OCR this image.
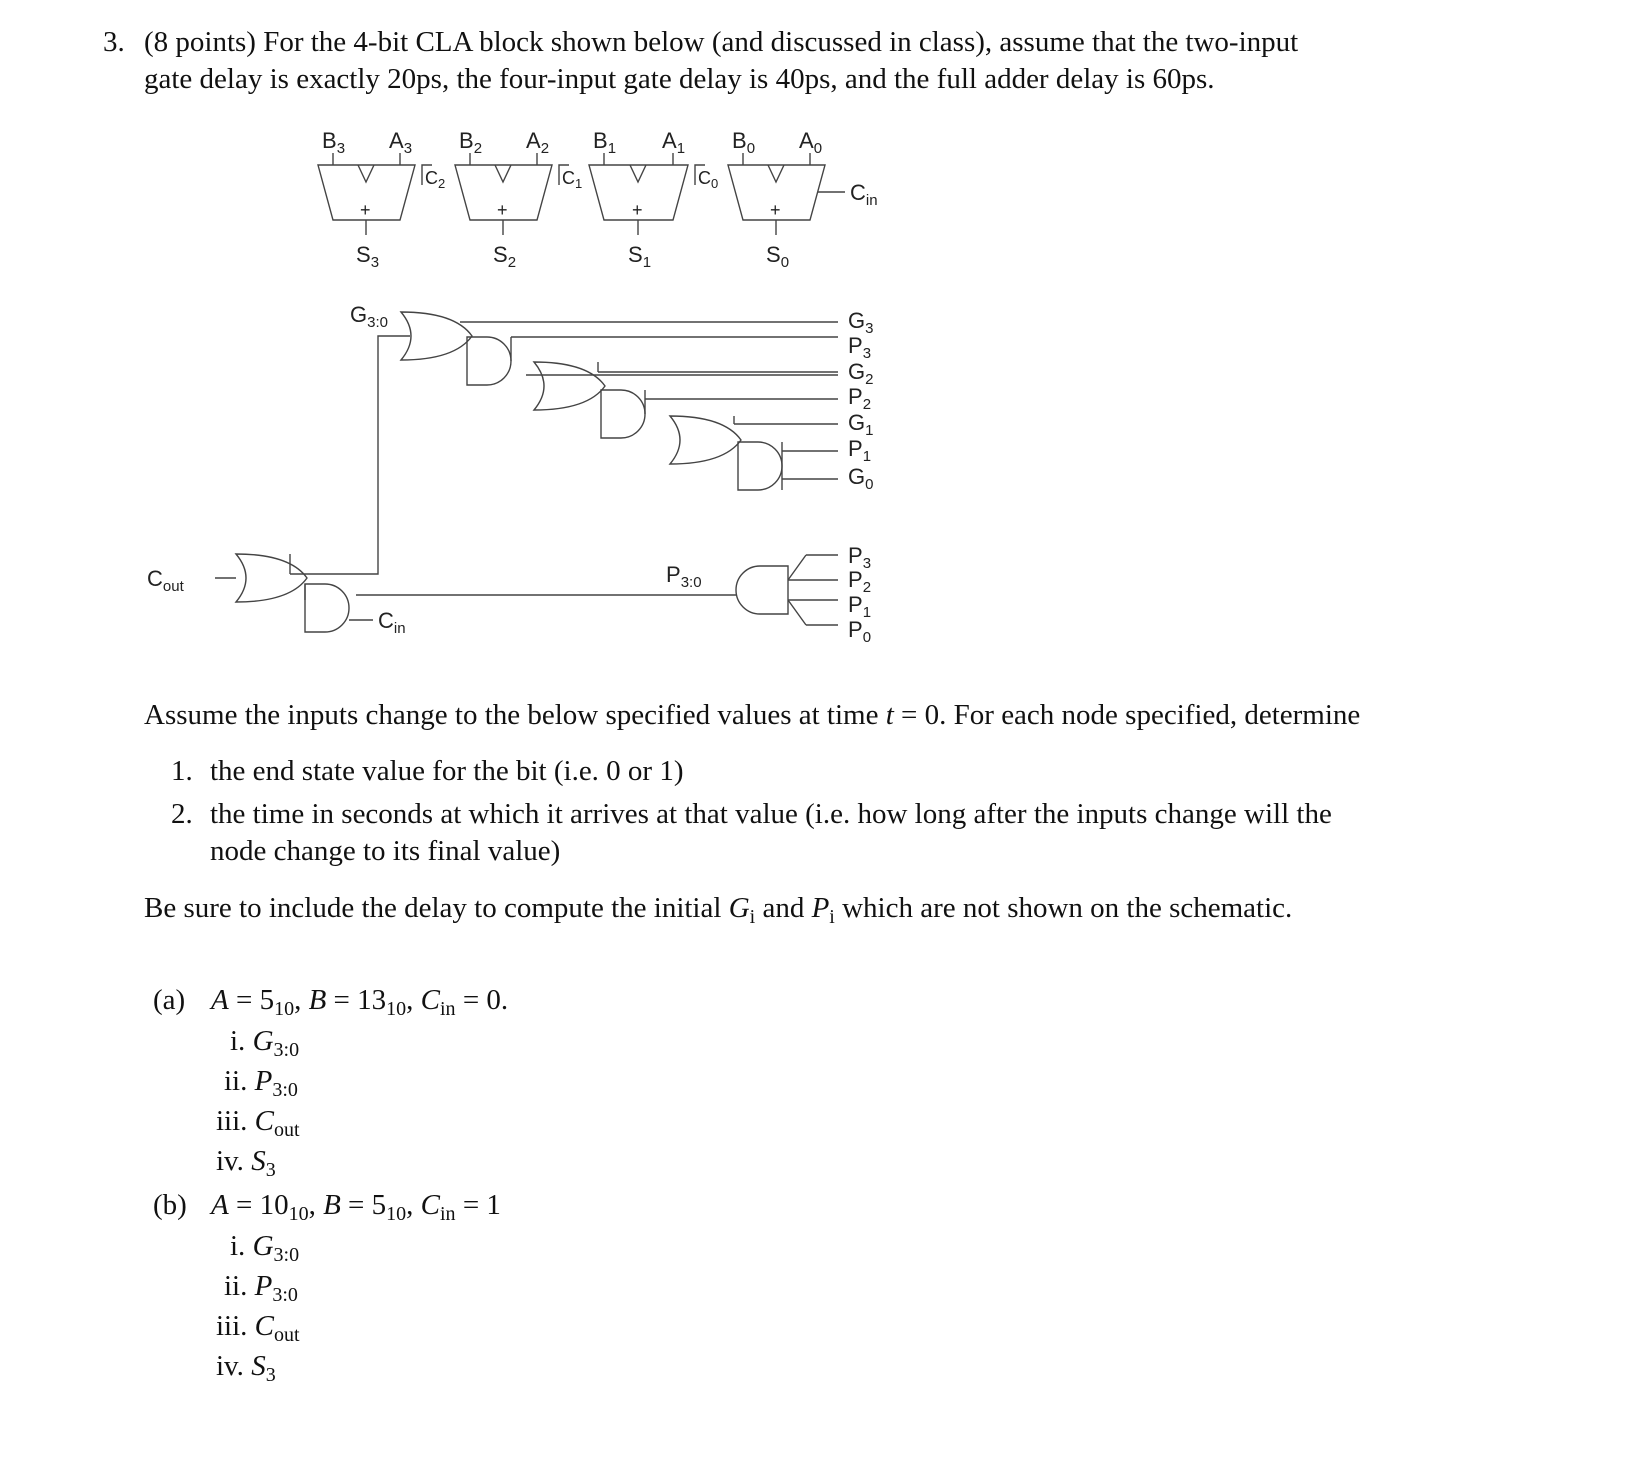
3. (8 points) For the 4-bit CLA block shown below (and discussed in class), assume that the two-input
gate delay is exactly 20ps, the four-input gate delay is 40ps, and the full adder delay is 60ps.
$B_3$ $A_3$ $B_2$ $A_2$ $B_1$ $A_1$ $B_0$ $A_0$
$C_2$	$C_1$	$C_0$	$C_{in}$
+	+	+	+
$S_3$	$S_2$	$S_1$	$S_0$
$G_{3:0}$
$P_{3:0}$
$G_3$
$P_3$
$G_2$
$P_2$
$G_1$
$P_1$
$G_0$
$P_3$
$P_2$
$P_1$
$P_0$
$C_{out}$
$C_{in}$
Assume the inputs change to the below specified values at time t = 0. For each node specified, determine
1. the end state value for the bit (i.e. 0 or 1)
2. the time in seconds at which it arrives at that value (i.e. how long after the inputs change will the
node change to its final value)
Be sure to include the delay to compute the initial $G_i$ and $P_i$ which are not shown on the schematic.
(a) $A = 5_{10}$, $B = 13_{10}$, $C_{in} = 0$.
i. $G_{3:0}$
ii. $P_{3:0}$
iii. $C_{out}$
iv. $S_3$
(b) $A = 10_{10}$, $B = 5_{10}$, $C_{in} = 1$
i. $G_{3:0}$
ii. $P_{3:0}$
iii. $C_{out}$
iv. $S_3$
